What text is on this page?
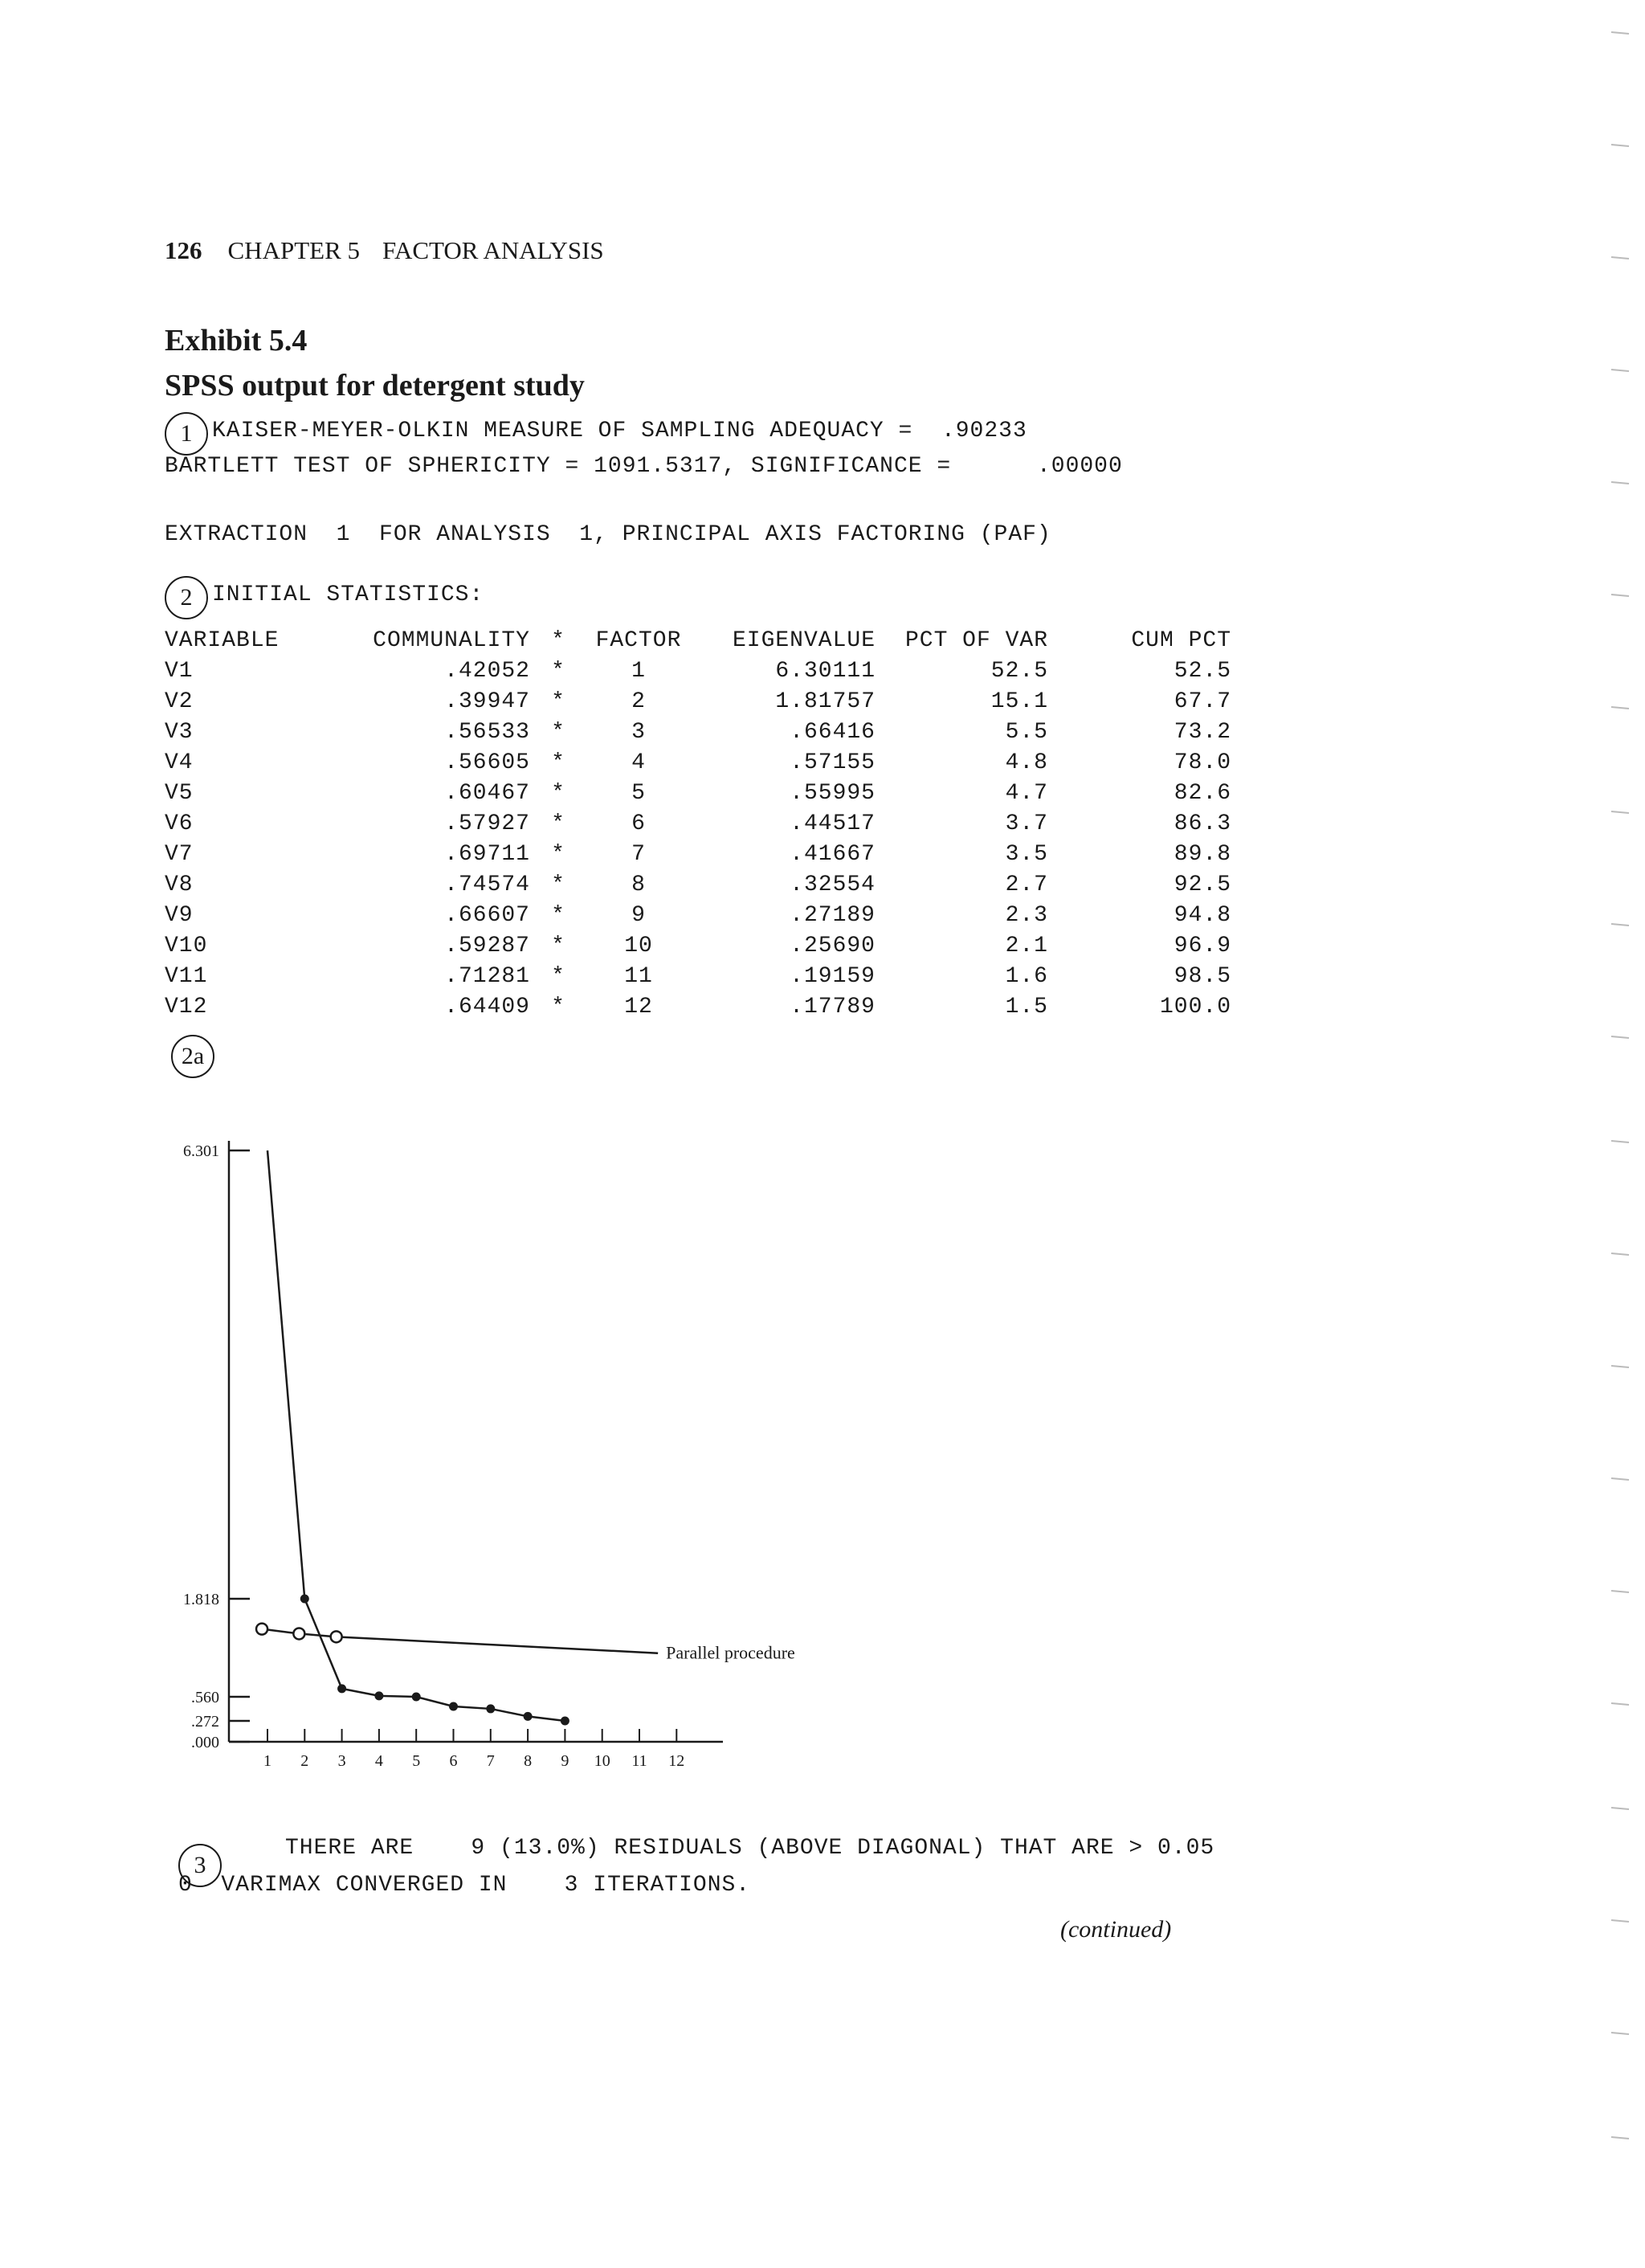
126 CHAPTER 5 FACTOR ANALYSIS
Exhibit 5.4
SPSS output for detergent study
1 KAISER-MEYER-OLKIN MEASURE OF SAMPLING ADEQUACY =  .90233
BARTLETT TEST OF SPHERICITY = 1091.5317, SIGNIFICANCE =      .00000
EXTRACTION  1  FOR ANALYSIS  1, PRINCIPAL AXIS FACTORING (PAF)
2 INITIAL STATISTICS:
VARIABLE	COMMUNALITY	*	FACTOR	EIGENVALUE	PCT OF VAR	CUM PCT
V1	.42052	*	1	6.30111	52.5	52.5
V2	.39947	*	2	1.81757	15.1	67.7
V3	.56533	*	3	.66416	5.5	73.2
V4	.56605	*	4	.57155	4.8	78.0
V5	.60467	*	5	.55995	4.7	82.6
V6	.57927	*	6	.44517	3.7	86.3
V7	.69711	*	7	.41667	3.5	89.8
V8	.74574	*	8	.32554	2.7	92.5
V9	.66607	*	9	.27189	2.3	94.8
V10	.59287	*	10	.25690	2.1	96.9
V11	.71281	*	11	.19159	1.6	98.5
V12	.64409	*	12	.17789	1.5	100.0
2a
6.301
1.818
.560
.272
.000
1 2 3 4 5 6 7 8 9 10 11 12
Parallel procedure
3
THERE ARE    9 (13.0%) RESIDUALS (ABOVE DIAGONAL) THAT ARE > 0.05
0  VARIMAX CONVERGED IN    3 ITERATIONS.
(continued)
